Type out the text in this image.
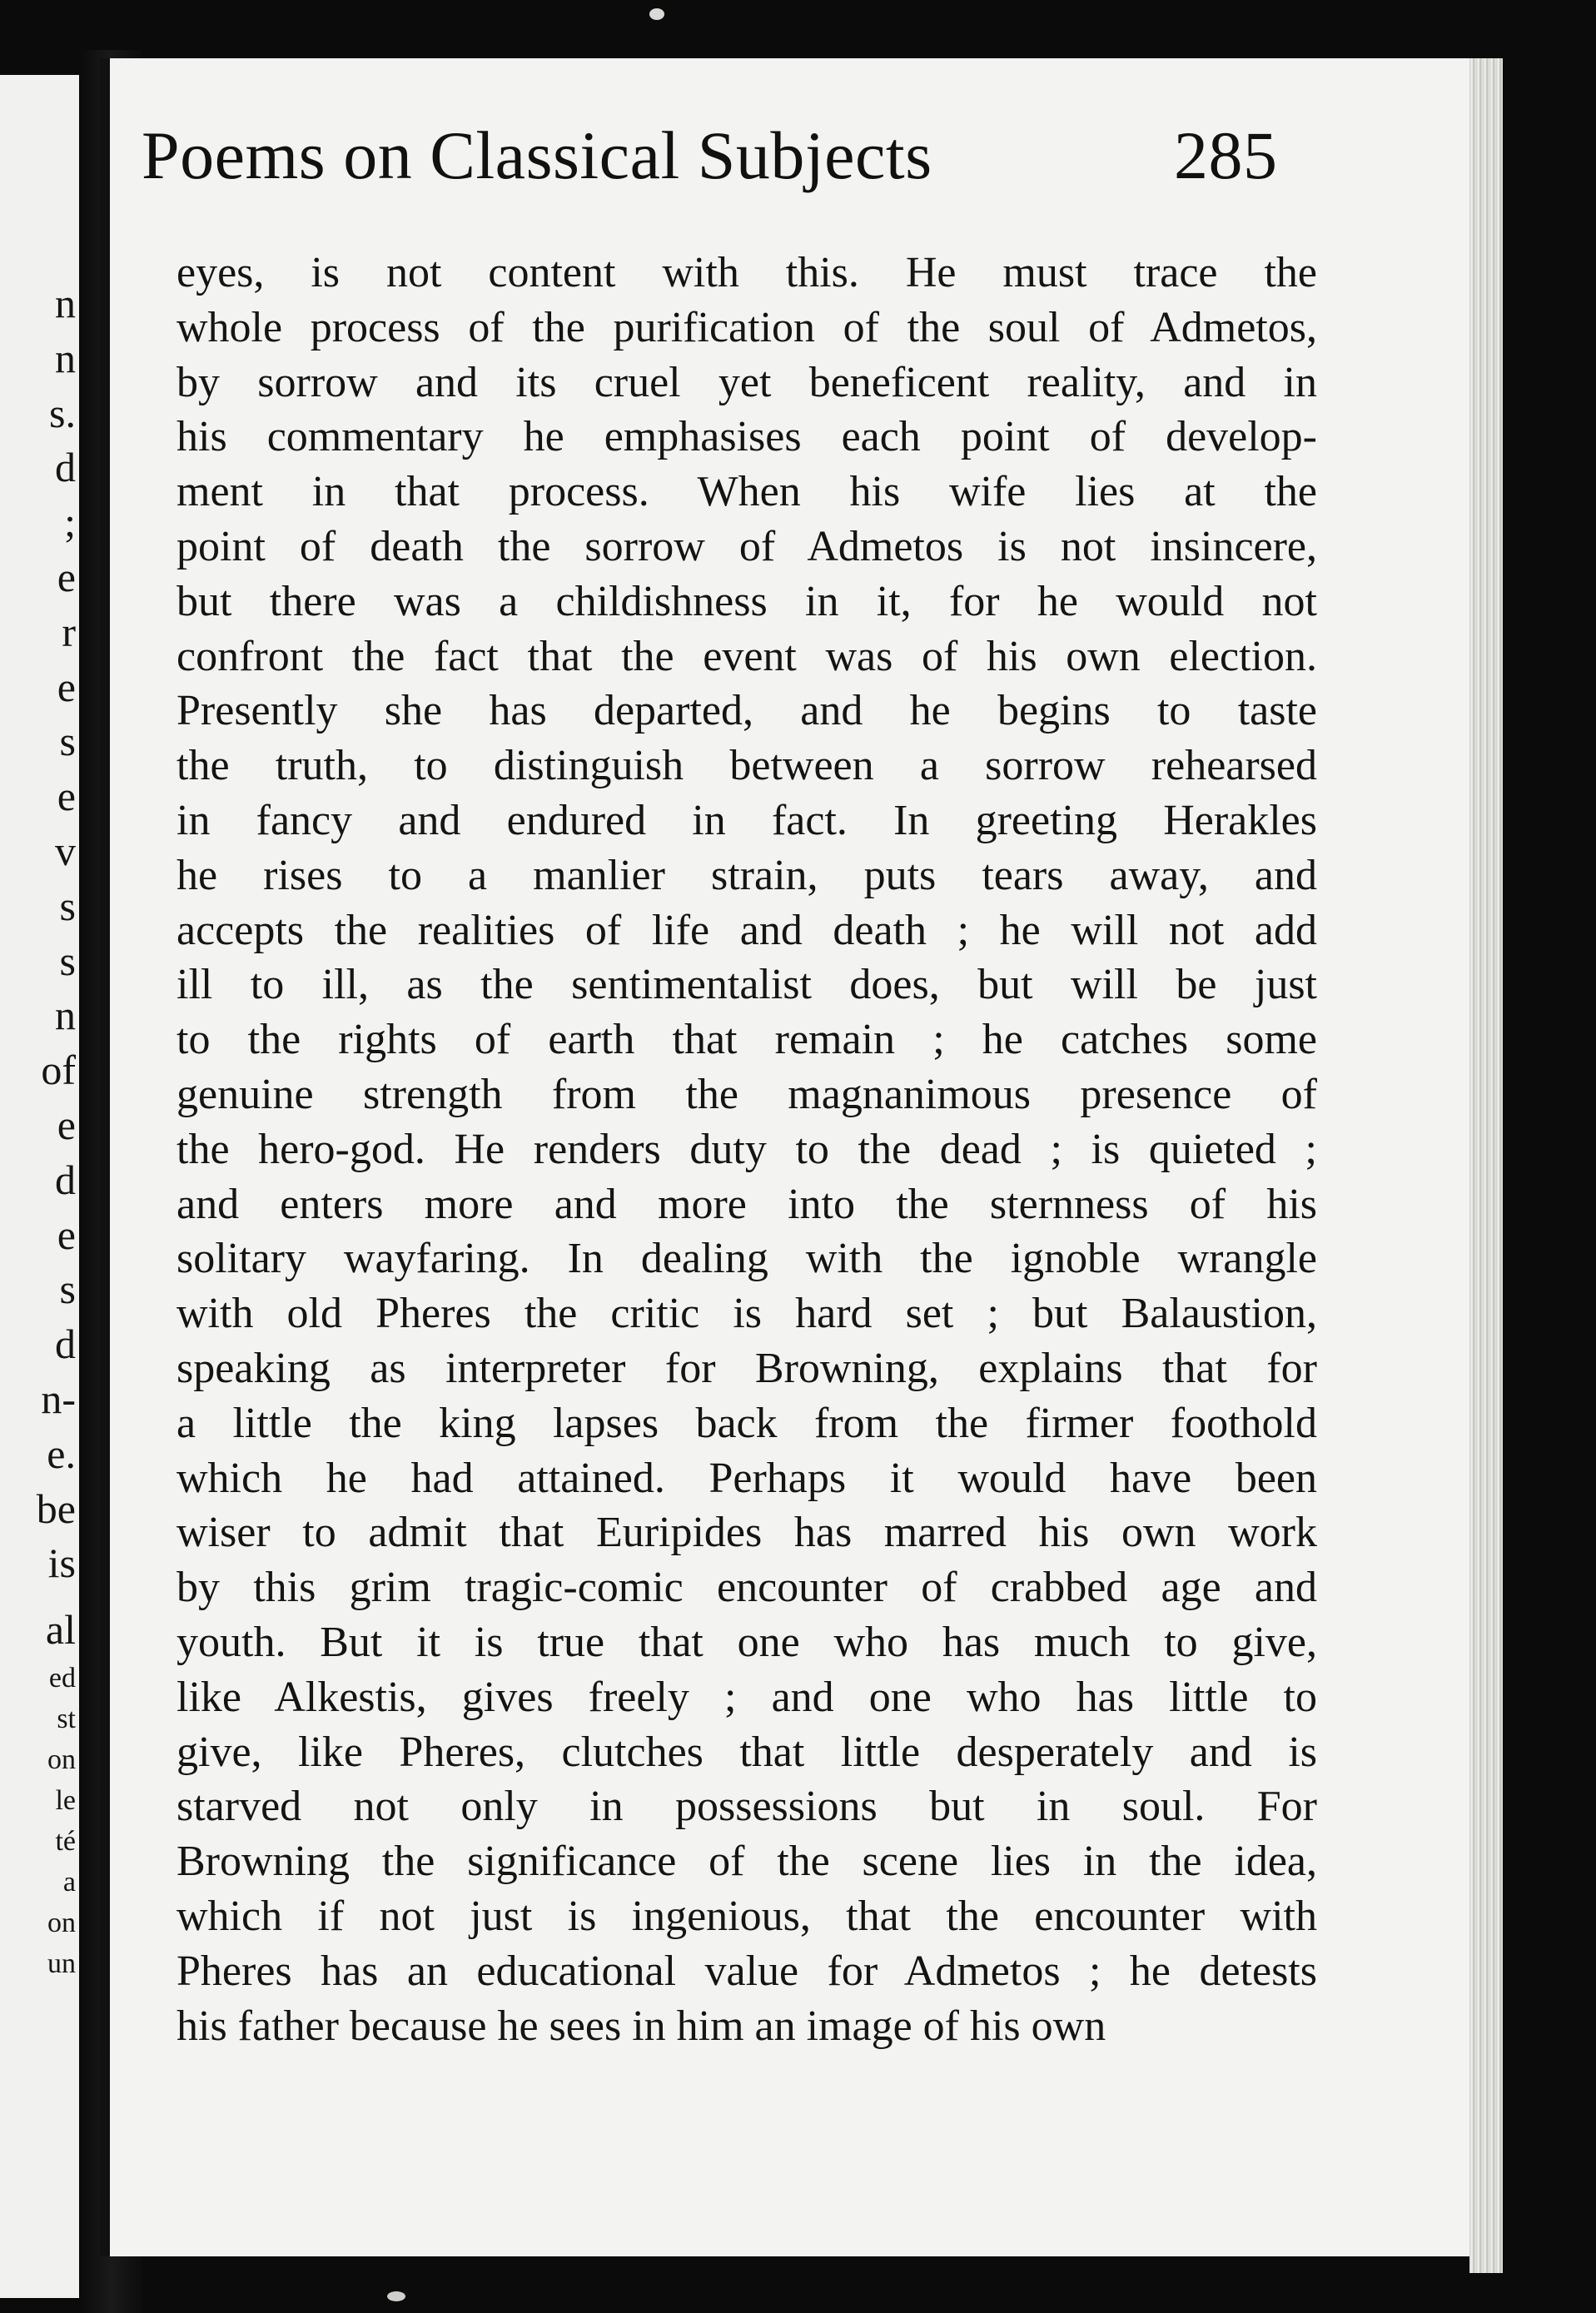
n
n
s.
d
;
e
r
e
s
e
v
s
s
n
of
e
d
e
s
d
n-
e.
be
is
al
ed
st
on
le
té
a
on
un
Poems on Classical Subjects	285
eyes, is not content with this. He must trace the
whole process of the purification of the soul of Admetos,
by sorrow and its cruel yet beneficent reality, and in
his commentary he emphasises each point of develop-
ment in that process. When his wife lies at the
point of death the sorrow of Admetos is not insincere,
but there was a childishness in it, for he would not
confront the fact that the event was of his own election.
Presently she has departed, and he begins to taste
the truth, to distinguish between a sorrow rehearsed
in fancy and endured in fact. In greeting Herakles
he rises to a manlier strain, puts tears away, and
accepts the realities of life and death ; he will not add
ill to ill, as the sentimentalist does, but will be just
to the rights of earth that remain ; he catches some
genuine strength from the magnanimous presence of
the hero-god. He renders duty to the dead ; is quieted ;
and enters more and more into the sternness of his
solitary wayfaring. In dealing with the ignoble wrangle
with old Pheres the critic is hard set ; but Balaustion,
speaking as interpreter for Browning, explains that for
a little the king lapses back from the firmer foothold
which he had attained. Perhaps it would have been
wiser to admit that Euripides has marred his own work
by this grim tragic-comic encounter of crabbed age and
youth. But it is true that one who has much to give,
like Alkestis, gives freely ; and one who has little to
give, like Pheres, clutches that little desperately and is
starved not only in possessions but in soul. For
Browning the significance of the scene lies in the idea,
which if not just is ingenious, that the encounter with
Pheres has an educational value for Admetos ; he detests
his father because he sees in him an image of his own
